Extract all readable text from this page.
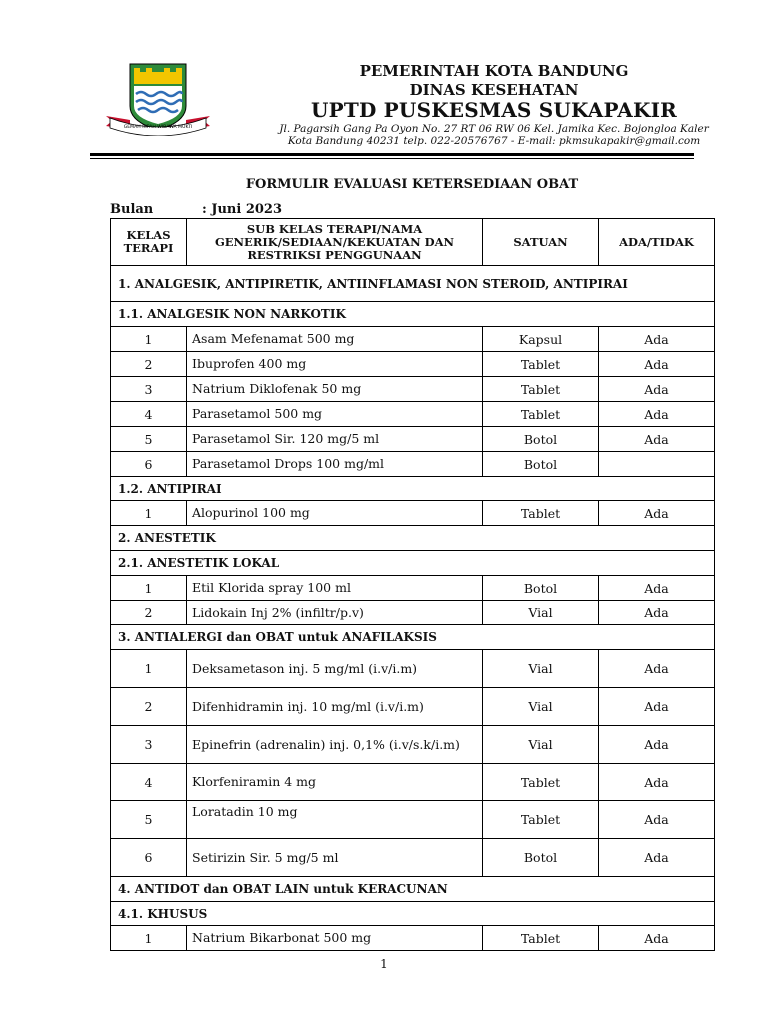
GEMAH RIPAH WIBAWA MUKTI
PEMERINTAH KOTA BANDUNG
DINAS KESEHATAN
UPTD PUSKESMAS SUKAPAKIR
Jl. Pagarsih Gang Pa Oyon No. 27 RT 06 RW 06 Kel. Jamika Kec. Bojongloa Kaler
Kota Bandung 40231 telp. 022-20576767 - E-mail: pkmsukapakir@gmail.com
FORMULIR EVALUASI KETERSEDIAAN OBAT
Bulan	: Juni 2023
KELAS TERAPI	SUB KELAS TERAPI/NAMA GENERIK/SEDIAAN/KEKUATAN DAN RESTRIKSI PENGGUNAAN	SATUAN	ADA/TIDAK
1. ANALGESIK, ANTIPIRETIK, ANTIINFLAMASI NON STEROID, ANTIPIRAI			
1.1. ANALGESIK NON NARKOTIK			
1	Asam Mefenamat 500 mg	Kapsul	Ada
2	Ibuprofen 400 mg	Tablet	Ada
3	Natrium Diklofenak 50 mg	Tablet	Ada
4	Parasetamol 500 mg	Tablet	Ada
5	Parasetamol Sir. 120 mg/5 ml	Botol	Ada
6	Parasetamol Drops 100 mg/ml	Botol	
1.2. ANTIPIRAI			
1	Alopurinol 100 mg	Tablet	Ada
2. ANESTETIK			
2.1. ANESTETIK LOKAL			
1	Etil Klorida spray 100 ml	Botol	Ada
2	Lidokain Inj 2% (infiltr/p.v)	Vial	Ada
3. ANTIALERGI dan OBAT untuk ANAFILAKSIS			
1	Deksametason inj. 5 mg/ml (i.v/i.m)	Vial	Ada
2	Difenhidramin inj. 10 mg/ml (i.v/i.m)	Vial	Ada
3	Epinefrin (adrenalin) inj. 0,1% (i.v/s.k/i.m)	Vial	Ada
4	Klorfeniramin 4 mg	Tablet	Ada
5	Loratadin 10 mg	Tablet	Ada
6	Setirizin Sir. 5 mg/5 ml	Botol	Ada
4. ANTIDOT dan OBAT LAIN untuk KERACUNAN			
4.1. KHUSUS			
1	Natrium Bikarbonat 500 mg	Tablet	Ada
1
